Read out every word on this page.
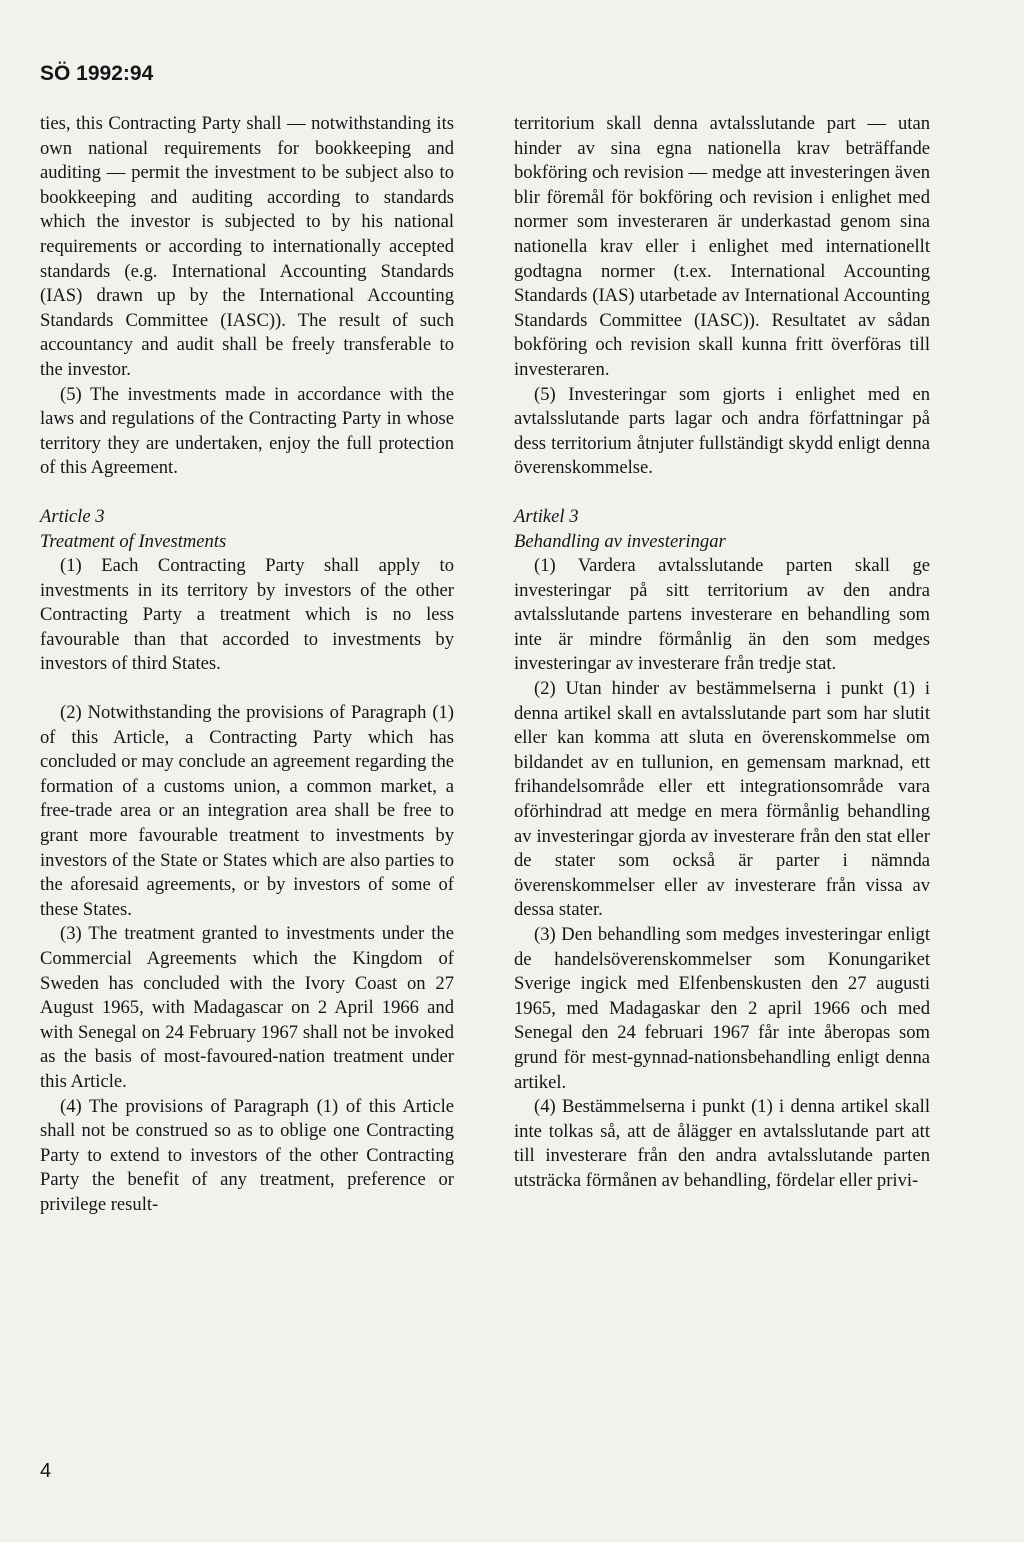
SÖ 1992:94

ties, this Contracting Party shall — notwithstanding its own national requirements for bookkeeping and auditing — permit the investment to be subject also to bookkeeping and auditing according to standards which the investor is subjected to by his national requirements or according to internationally accepted standards (e.g. International Accounting Standards (IAS) drawn up by the International Accounting Standards Committee (IASC)). The result of such accountancy and audit shall be freely transferable to the investor.

(5) The investments made in accordance with the laws and regulations of the Contracting Party in whose territory they are undertaken, enjoy the full protection of this Agreement.

Article 3

Treatment of Investments

(1) Each Contracting Party shall apply to investments in its territory by investors of the other Contracting Party a treatment which is no less favourable than that accorded to investments by investors of third States.

(2) Notwithstanding the provisions of Paragraph (1) of this Article, a Contracting Party which has concluded or may conclude an agreement regarding the formation of a customs union, a common market, a free-trade area or an integration area shall be free to grant more favourable treatment to investments by investors of the State or States which are also parties to the aforesaid agreements, or by investors of some of these States.

(3) The treatment granted to investments under the Commercial Agreements which the Kingdom of Sweden has concluded with the Ivory Coast on 27 August 1965, with Madagascar on 2 April 1966 and with Senegal on 24 February 1967 shall not be invoked as the basis of most-favoured-nation treatment under this Article.

(4) The provisions of Paragraph (1) of this Article shall not be construed so as to oblige one Contracting Party to extend to investors of the other Contracting Party the benefit of any treatment, preference or privilege result-

territorium skall denna avtalsslutande part — utan hinder av sina egna nationella krav beträffande bokföring och revision — medge att investeringen även blir föremål för bokföring och revision i enlighet med normer som investeraren är underkastad genom sina nationella krav eller i enlighet med internationellt godtagna normer (t.ex. International Accounting Standards (IAS) utarbetade av International Accounting Standards Committee (IASC)). Resultatet av sådan bokföring och revision skall kunna fritt överföras till investeraren.

(5) Investeringar som gjorts i enlighet med en avtalsslutande parts lagar och andra författningar på dess territorium åtnjuter fullständigt skydd enligt denna överenskommelse.

Artikel 3

Behandling av investeringar

(1) Vardera avtalsslutande parten skall ge investeringar på sitt territorium av den andra avtalsslutande partens investerare en behandling som inte är mindre förmånlig än den som medges investeringar av investerare från tredje stat.

(2) Utan hinder av bestämmelserna i punkt (1) i denna artikel skall en avtalsslutande part som har slutit eller kan komma att sluta en överenskommelse om bildandet av en tullunion, en gemensam marknad, ett frihandelsområde eller ett integrationsområde vara oförhindrad att medge en mera förmånlig behandling av investeringar gjorda av investerare från den stat eller de stater som också är parter i nämnda överenskommelser eller av investerare från vissa av dessa stater.

(3) Den behandling som medges investeringar enligt de handelsöverenskommelser som Konungariket Sverige ingick med Elfenbenskusten den 27 augusti 1965, med Madagaskar den 2 april 1966 och med Senegal den 24 februari 1967 får inte åberopas som grund för mest-gynnad-nationsbehandling enligt denna artikel.

(4) Bestämmelserna i punkt (1) i denna artikel skall inte tolkas så, att de ålägger en avtalsslutande part att till investerare från den andra avtalsslutande parten utsträcka förmånen av behandling, fördelar eller privi-

4
